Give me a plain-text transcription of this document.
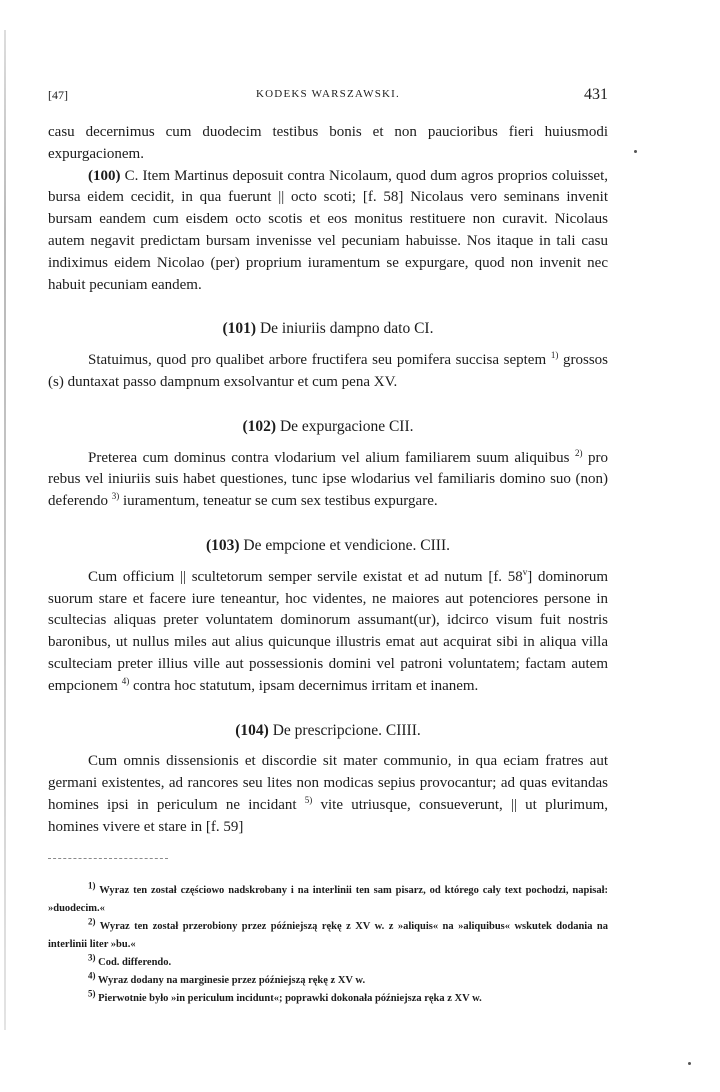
[47]	KODEKS WARSZAWSKI.	431

casu decernimus cum duodecim testibus bonis et non paucioribus fieri huiusmodi expurgacionem.

(100) C. Item Martinus deposuit contra Nicolaum, quod dum agros proprios coluisset, bursa eidem cecidit, in qua fuerunt || octo scoti; [f. 58] Nicolaus vero seminans invenit bursam eandem cum eisdem octo scotis et eos monitus restituere non curavit. Nicolaus autem negavit predictam bursam invenisse vel pecuniam habuisse. Nos itaque in tali casu indiximus eidem Nicolao (per) proprium iuramentum se expurgare, quod non invenit nec habuit pecuniam eandem.

(101) De iniuriis dampno dato CI.

Statuimus, quod pro qualibet arbore fructifera seu pomifera succisa septem $^{1)}$ grossos (s) duntaxat passo dampnum exsolvantur et cum pena XV.

(102) De expurgacione CII.

Preterea cum dominus contra vlodarium vel alium familiarem suum aliquibus $^{2)}$ pro rebus vel iniuriis suis habet questiones, tunc ipse wlodarius vel familiaris domino suo (non) deferendo $^{3)}$ iuramentum, teneatur se cum sex testibus expurgare.

(103) De empcione et vendicione. CIII.

Cum officium || scultetorum semper servile existat et ad nutum [f. 58$^v$] dominorum suorum stare et facere iure teneantur, hoc videntes, ne maiores aut potenciores persone in scultecias aliquas preter voluntatem dominorum assumant(ur), idcirco visum fuit nostris baronibus, ut nullus miles aut alius quicunque illustris emat aut acquirat sibi in aliqua villa sculteciam preter illius ville aut possessionis domini vel patroni voluntatem; factam autem empcionem $^{4)}$ contra hoc statutum, ipsam decernimus irritam et inanem.

(104) De prescripcione. CIIII.

Cum omnis dissensionis et discordie sit mater communio, in qua eciam fratres aut germani existentes, ad rancores seu lites non modicas sepius provocantur; ad quas evitandas homines ipsi in periculum ne incidant $^{5)}$ vite utriusque, consueverunt, || ut plurimum, homines vivere et stare in [f. 59]

$^{1)}$ Wyraz ten został częściowo nadskrobany i na interlinii ten sam pisarz, od którego cały text pochodzi, napisał: »duodecim.«

$^{2)}$ Wyraz ten został przerobiony przez późniejszą rękę z XV w. z »aliquis« na »aliquibus« wskutek dodania na interlinii liter »bu.«

$^{3)}$ Cod. differendo.

$^{4)}$ Wyraz dodany na marginesie przez późniejszą rękę z XV w.

$^{5)}$ Pierwotnie było »in periculum incidunt«; poprawki dokonała późniejsza ręka z XV w.
